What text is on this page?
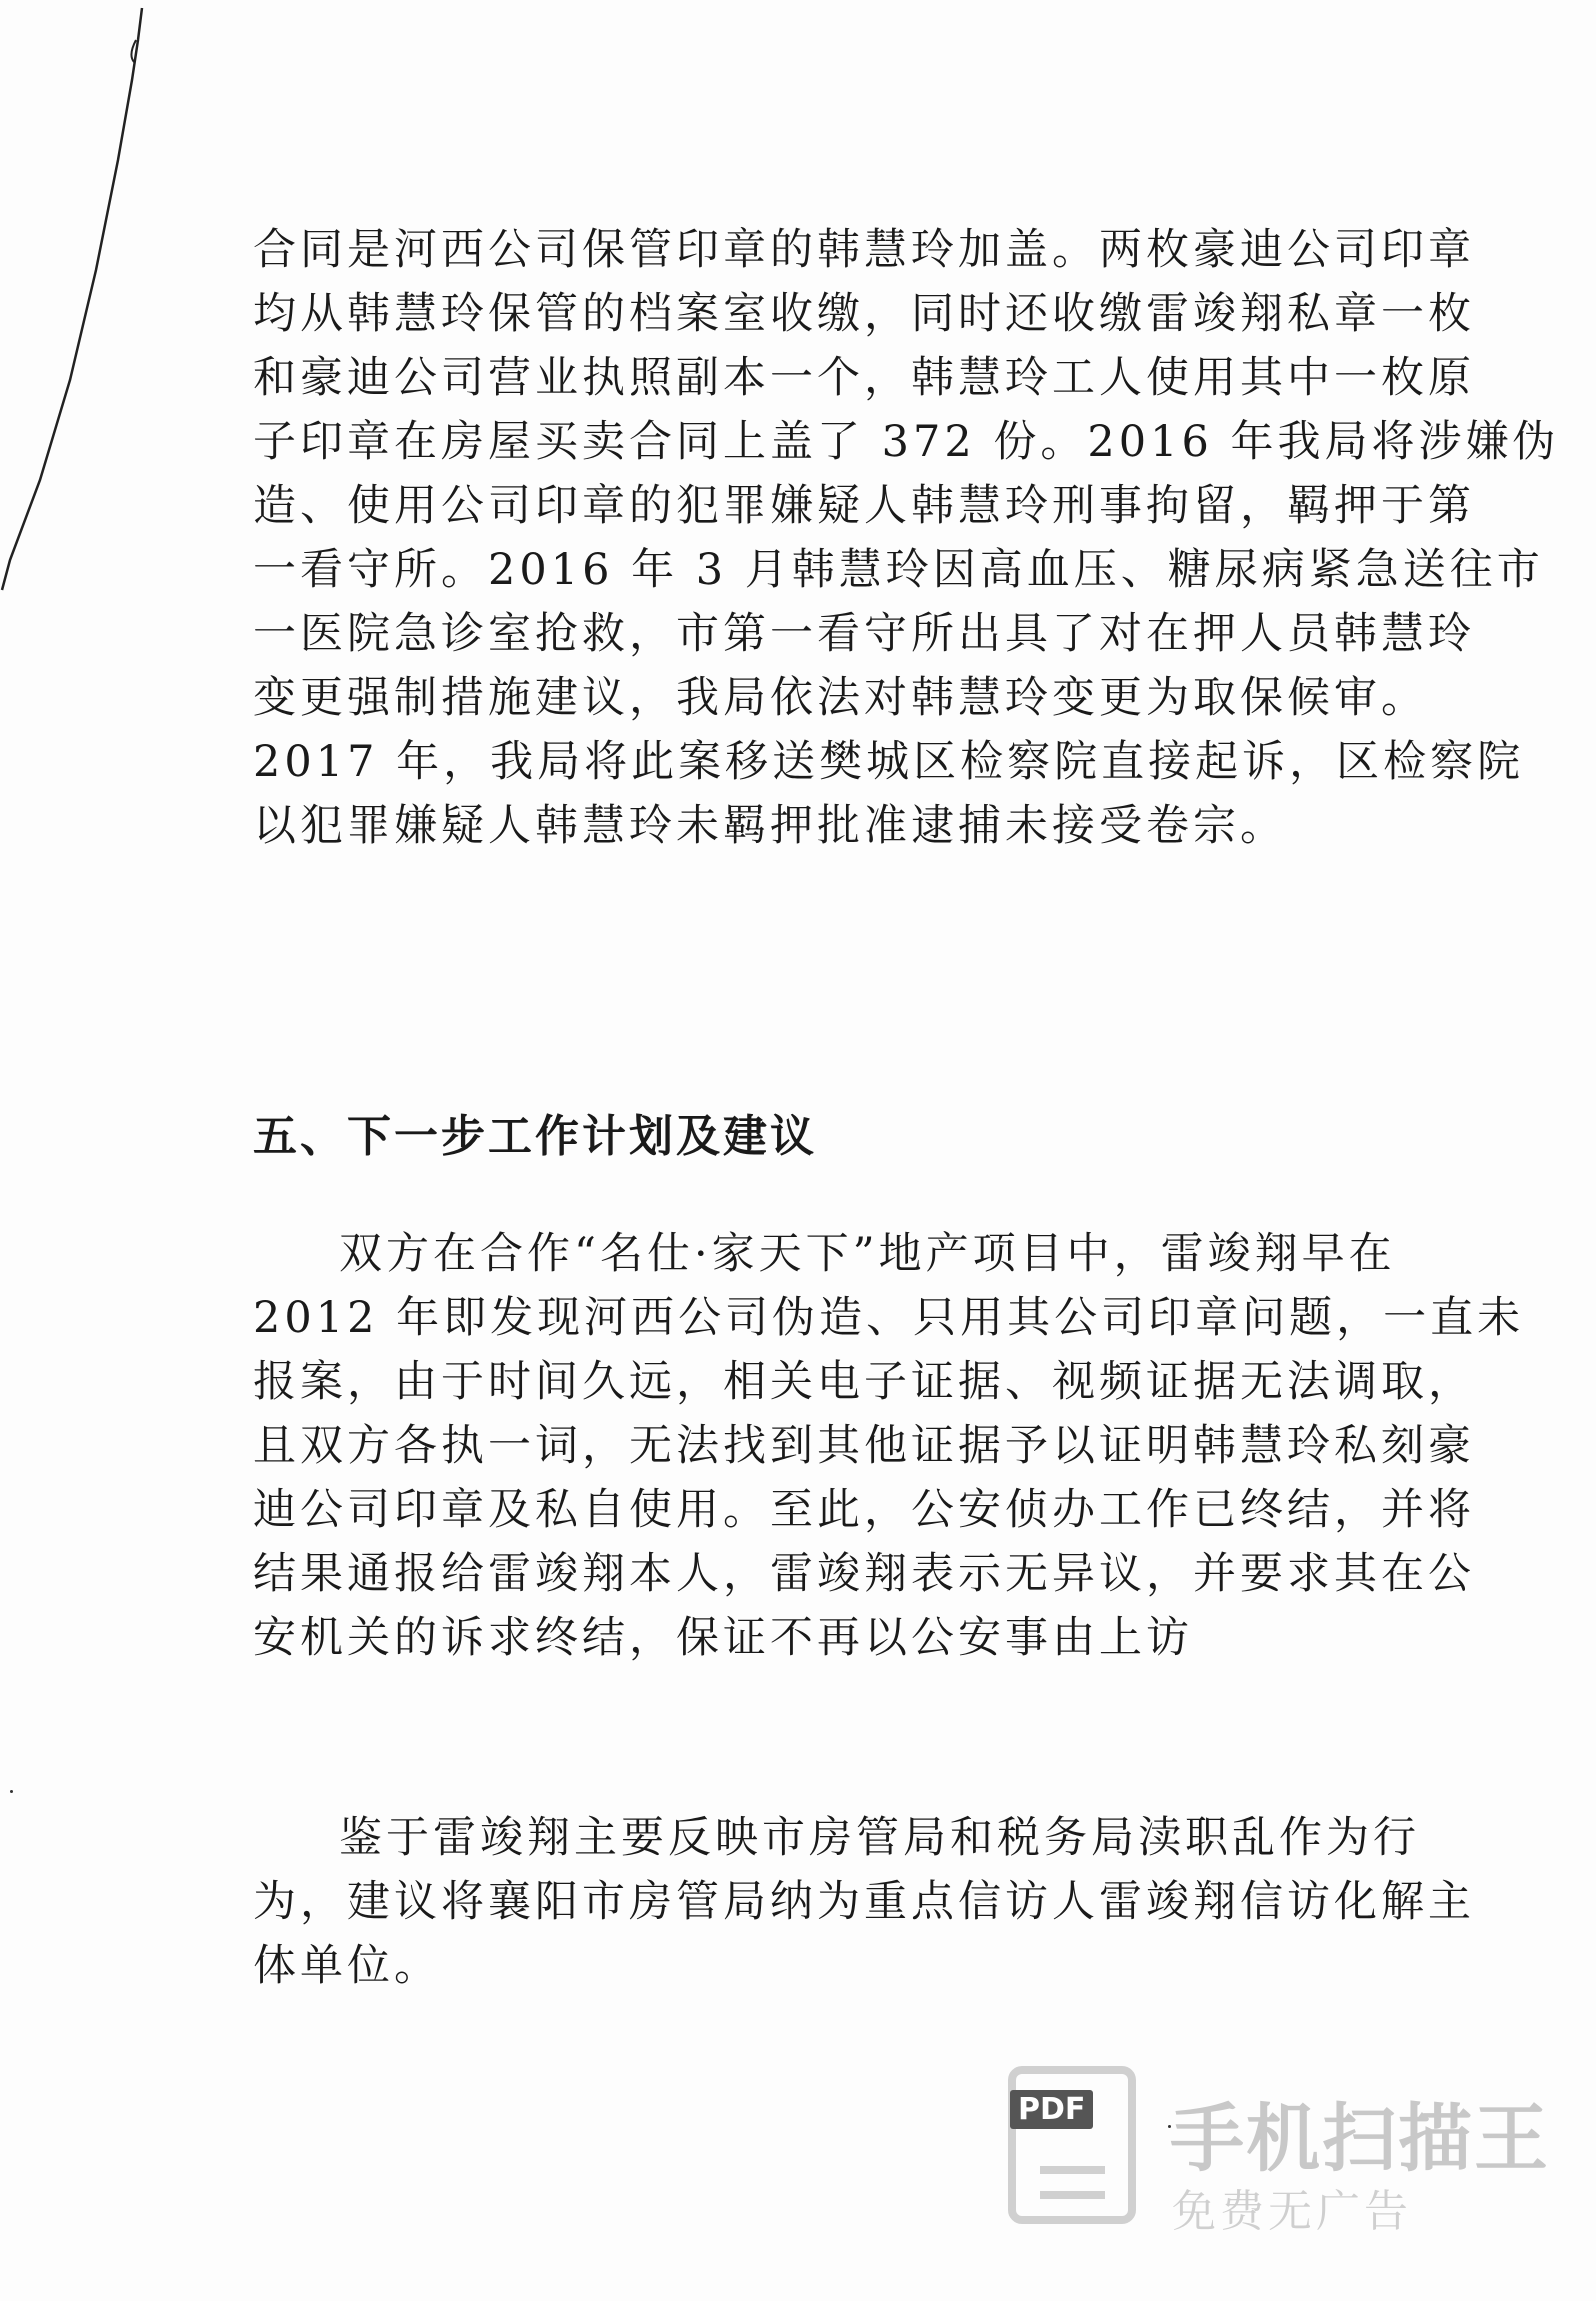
合同是河西公司保管印章的韩慧玲加盖。两枚豪迪公司印章
均从韩慧玲保管的档案室收缴，同时还收缴雷竣翔私章一枚
和豪迪公司营业执照副本一个，韩慧玲工人使用其中一枚原
子印章在房屋买卖合同上盖了 372 份。2016 年我局将涉嫌伪
造、使用公司印章的犯罪嫌疑人韩慧玲刑事拘留，羁押于第
一看守所。2016 年 3 月韩慧玲因高血压、糖尿病紧急送往市
一医院急诊室抢救，市第一看守所出具了对在押人员韩慧玲
变更强制措施建议，我局依法对韩慧玲变更为取保候审。
2017 年，我局将此案移送樊城区检察院直接起诉，区检察院
以犯罪嫌疑人韩慧玲未羁押批准逮捕未接受卷宗。
五、下一步工作计划及建议
双方在合作“名仕·家天下”地产项目中，雷竣翔早在
2012 年即发现河西公司伪造、只用其公司印章问题，一直未
报案，由于时间久远，相关电子证据、视频证据无法调取，
且双方各执一词，无法找到其他证据予以证明韩慧玲私刻豪
迪公司印章及私自使用。至此，公安侦办工作已终结，并将
结果通报给雷竣翔本人，雷竣翔表示无异议，并要求其在公
安机关的诉求终结，保证不再以公安事由上访
鉴于雷竣翔主要反映市房管局和税务局渎职乱作为行
为，建议将襄阳市房管局纳为重点信访人雷竣翔信访化解主
体单位。
PDF 手机扫描王
免费无广告
